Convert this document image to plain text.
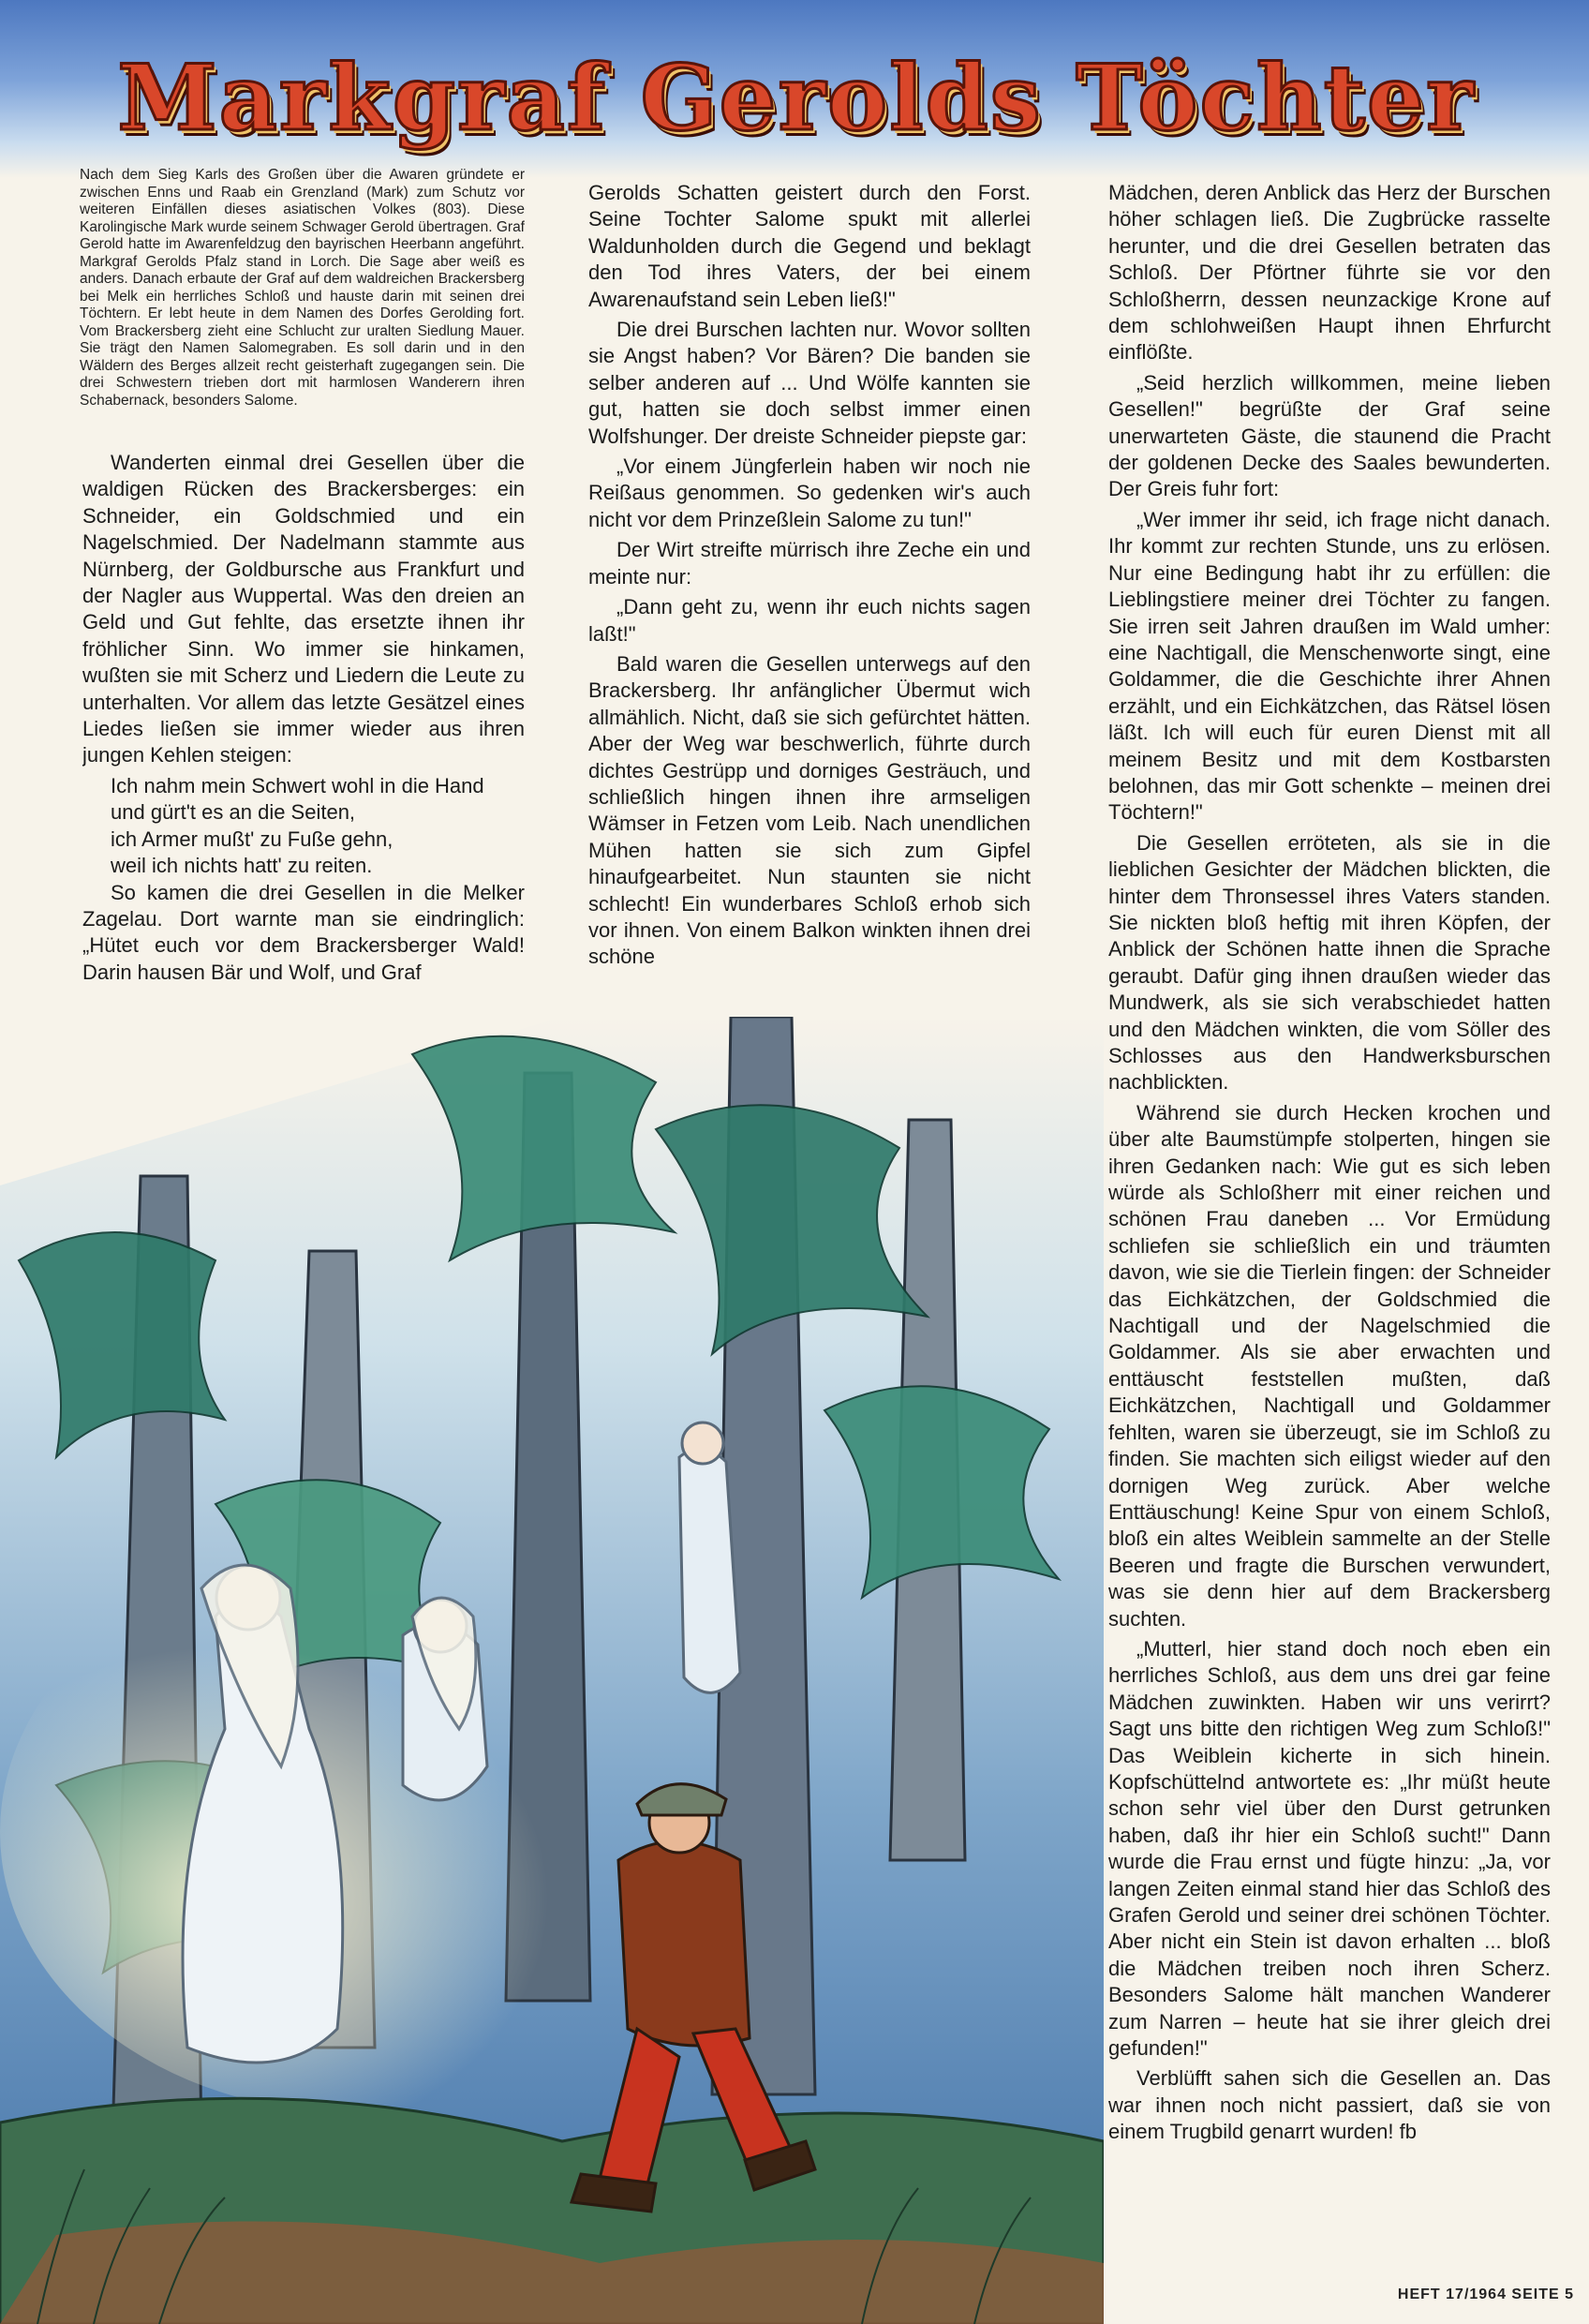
Markgraf Gerolds Töchter

Nach dem Sieg Karls des Großen über die Awaren gründete er zwischen Enns und Raab ein Grenzland (Mark) zum Schutz vor weiteren Einfällen dieses asiatischen Volkes (803). Diese Karolingische Mark wurde seinem Schwager Gerold übertragen. Graf Gerold hatte im Awarenfeldzug den bayrischen Heerbann angeführt. Markgraf Gerolds Pfalz stand in Lorch. Die Sage aber weiß es anders. Danach erbaute der Graf auf dem waldreichen Brackersberg bei Melk ein herrliches Schloß und hauste darin mit seinen drei Töchtern. Er lebt heute in dem Namen des Dorfes Gerolding fort. Vom Brackersberg zieht eine Schlucht zur uralten Siedlung Mauer. Sie trägt den Namen Salomegraben. Es soll darin und in den Wäldern des Berges allzeit recht geisterhaft zugegangen sein. Die drei Schwestern trieben dort mit harmlosen Wanderern ihren Schabernack, besonders Salome.

Wanderten einmal drei Gesellen über die waldigen Rücken des Brackersberges: ein Schneider, ein Goldschmied und ein Nagelschmied. Der Nadelmann stammte aus Nürnberg, der Goldbursche aus Frankfurt und der Nagler aus Wuppertal. Was den dreien an Geld und Gut fehlte, das ersetzte ihnen ihr fröhlicher Sinn. Wo immer sie hinkamen, wußten sie mit Scherz und Liedern die Leute zu unterhalten. Vor allem das letzte Gesätzel eines Liedes ließen sie immer wieder aus ihren jungen Kehlen steigen:

Ich nahm mein Schwert wohl in die Hand

und gürt't es an die Seiten,

ich Armer mußt' zu Fuße gehn,

weil ich nichts hatt' zu reiten.

So kamen die drei Gesellen in die Melker Zagelau. Dort warnte man sie eindringlich: „Hütet euch vor dem Brackersberger Wald! Darin hausen Bär und Wolf, und Graf

Gerolds Schatten geistert durch den Forst. Seine Tochter Salome spukt mit allerlei Waldunholden durch die Gegend und beklagt den Tod ihres Vaters, der bei einem Awarenaufstand sein Leben ließ!"

Die drei Burschen lachten nur. Wovor sollten sie Angst haben? Vor Bären? Die banden sie selber anderen auf ... Und Wölfe kannten sie gut, hatten sie doch selbst immer einen Wolfshunger. Der dreiste Schneider piepste gar:

„Vor einem Jüngferlein haben wir noch nie Reißaus genommen. So gedenken wir's auch nicht vor dem Prinzeßlein Salome zu tun!"

Der Wirt streifte mürrisch ihre Zeche ein und meinte nur:

„Dann geht zu, wenn ihr euch nichts sagen laßt!"

Bald waren die Gesellen unterwegs auf den Brackersberg. Ihr anfänglicher Übermut wich allmählich. Nicht, daß sie sich gefürchtet hätten. Aber der Weg war beschwerlich, führte durch dichtes Gestrüpp und dorniges Gesträuch, und schließlich hingen ihnen ihre armseligen Wämser in Fetzen vom Leib. Nach unendlichen Mühen hatten sie sich zum Gipfel hinaufgearbeitet. Nun staunten sie nicht schlecht! Ein wunderbares Schloß erhob sich vor ihnen. Von einem Balkon winkten ihnen drei schöne

Mädchen, deren Anblick das Herz der Burschen höher schlagen ließ. Die Zugbrücke rasselte herunter, und die drei Gesellen betraten das Schloß. Der Pförtner führte sie vor den Schloßherrn, dessen neunzackige Krone auf dem schlohweißen Haupt ihnen Ehrfurcht einflößte.

„Seid herzlich willkommen, meine lieben Gesellen!" begrüßte der Graf seine unerwarteten Gäste, die staunend die Pracht der goldenen Decke des Saales bewunderten. Der Greis fuhr fort:

„Wer immer ihr seid, ich frage nicht danach. Ihr kommt zur rechten Stunde, uns zu erlösen. Nur eine Bedingung habt ihr zu erfüllen: die Lieblingstiere meiner drei Töchter zu fangen. Sie irren seit Jahren draußen im Wald umher: eine Nachtigall, die Menschenworte singt, eine Goldammer, die die Geschichte ihrer Ahnen erzählt, und ein Eichkätzchen, das Rätsel lösen läßt. Ich will euch für euren Dienst mit all meinem Besitz und mit dem Kostbarsten belohnen, das mir Gott schenkte – meinen drei Töchtern!"

Die Gesellen erröteten, als sie in die lieblichen Gesichter der Mädchen blickten, die hinter dem Thronsessel ihres Vaters standen. Sie nickten bloß heftig mit ihren Köpfen, der Anblick der Schönen hatte ihnen die Sprache geraubt. Dafür ging ihnen draußen wieder das Mundwerk, als sie sich verabschiedet hatten und den Mädchen winkten, die vom Söller des Schlosses aus den Handwerksburschen nachblickten.

Während sie durch Hecken krochen und über alte Baumstümpfe stolperten, hingen sie ihren Gedanken nach: Wie gut es sich leben würde als Schloßherr mit einer reichen und schönen Frau daneben ... Vor Ermüdung schliefen sie schließlich ein und träumten davon, wie sie die Tierlein fingen: der Schneider das Eichkätzchen, der Goldschmied die Nachtigall und der Nagelschmied die Goldammer. Als sie aber erwachten und enttäuscht feststellen mußten, daß Eichkätzchen, Nachtigall und Goldammer fehlten, waren sie überzeugt, sie im Schloß zu finden. Sie machten sich eiligst wieder auf den dornigen Weg zurück. Aber welche Enttäuschung! Keine Spur von einem Schloß, bloß ein altes Weiblein sammelte an der Stelle Beeren und fragte die Burschen verwundert, was sie denn hier auf dem Brackersberg suchten.

„Mutterl, hier stand doch noch eben ein herrliches Schloß, aus dem uns drei gar feine Mädchen zuwinkten. Haben wir uns verirrt? Sagt uns bitte den richtigen Weg zum Schloß!" Das Weiblein kicherte in sich hinein. Kopfschüttelnd antwortete es: „Ihr müßt heute schon sehr viel über den Durst getrunken haben, daß ihr hier ein Schloß sucht!" Dann wurde die Frau ernst und fügte hinzu: „Ja, vor langen Zeiten einmal stand hier das Schloß des Grafen Gerold und seiner drei schönen Töchter. Aber nicht ein Stein ist davon erhalten ... bloß die Mädchen treiben noch ihren Scherz. Besonders Salome hält manchen Wanderer zum Narren – heute hat sie ihrer gleich drei gefunden!"

Verblüfft sahen sich die Gesellen an. Das war ihnen noch nicht passiert, daß sie von einem Trugbild genarrt wurden! fb

HEFT 17/1964 SEITE 5
